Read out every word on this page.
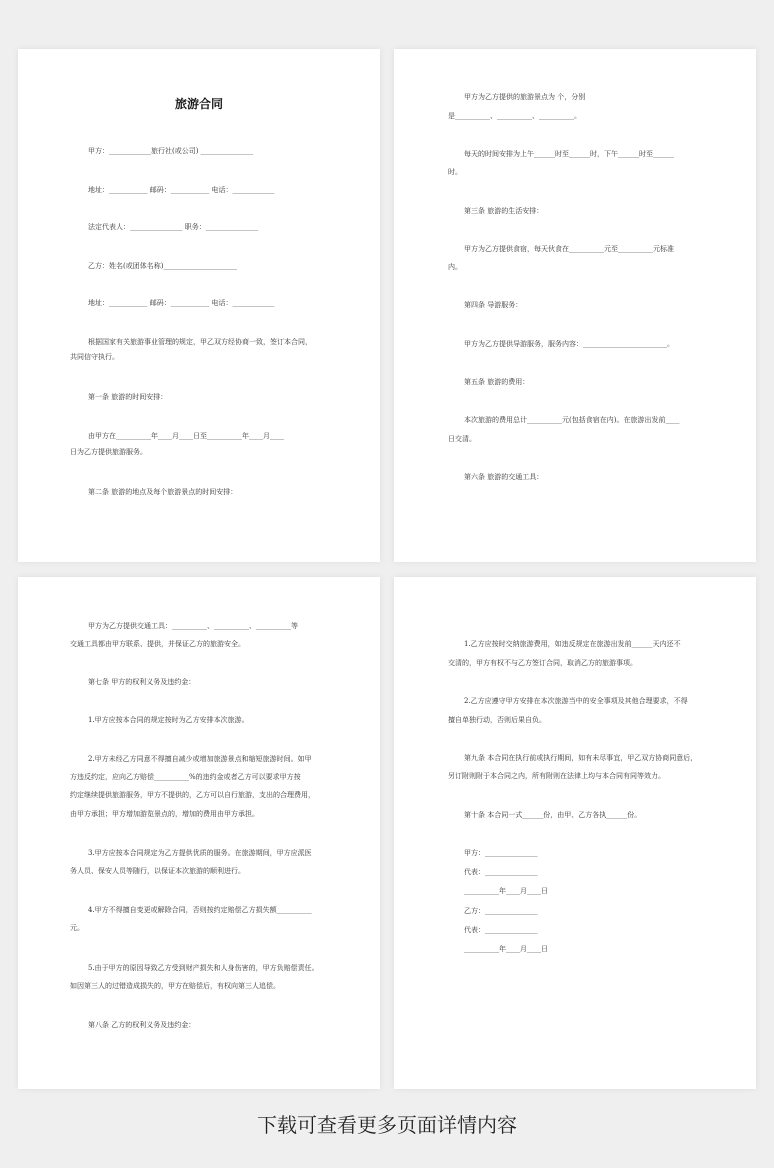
旅游合同

甲方：____________旅行社(或公司) _______________

地址：___________ 邮码：___________ 电话：____________

法定代表人：_______________ 职务：_______________

乙方：姓名(或团体名称)_____________________

地址：___________ 邮码：___________ 电话：____________

根据国家有关旅游事业管理的规定，甲乙双方经协商一致，签订本合同，

共同信守执行。

第一条 旅游的时间安排：

由甲方在__________年____月____日至__________年____月____

日为乙方提供旅游服务。

第二条 旅游的地点及每个旅游景点的时间安排：

甲方为乙方提供的旅游景点为 个，分别

是__________、__________、__________。

每天的时间安排为上午______时至______时，下午______时至______

时。

第三条 旅游的生活安排：

甲方为乙方提供食宿，每天伙食在__________元至__________元标准

内。

第四条 导游服务：

甲方为乙方提供导游服务，服务内容：________________________。

第五条 旅游的费用：

本次旅游的费用总计__________元(包括食宿在内)。在旅游出发前____

日交清。

第六条 旅游的交通工具：

甲方为乙方提供交通工具：__________、__________、__________等

交通工具都由甲方联系、提供，并保证乙方的旅游安全。

第七条 甲方的权利义务及违约金：

1.甲方应按本合同的规定按时为乙方安排本次旅游。

2.甲方未经乙方同意不得擅自减少或增加旅游景点和缩短旅游时间。如甲

方违反约定，应向乙方赔偿__________%的违约金或者乙方可以要求甲方按

约定继续提供旅游服务，甲方不提供的，乙方可以自行旅游，支出的合理费用，

由甲方承担；甲方增加游览景点的，增加的费用由甲方承担。

3.甲方应按本合同规定为乙方提供优质的服务。在旅游期间，甲方应派医

务人员、保安人员等随行，以保证本次旅游的顺利进行。

4.甲方不得擅自变更或解除合同，否则按约定赔偿乙方损失额__________

元。

5.由于甲方的原因导致乙方受到财产损失和人身伤害的，甲方负赔偿责任。

如因第三人的过错造成损失的，甲方在赔偿后，有权向第三人追偿。

第八条 乙方的权利义务及违约金：

1.乙方应按时交纳旅游费用，如违反规定在旅游出发前______天内还不

交清的，甲方有权不与乙方签订合同，取消乙方的旅游事项。

2.乙方应遵守甲方安排在本次旅游当中的安全事项及其他合理要求，不得

擅自单独行动，否则后果自负。

第九条 本合同在执行前或执行期间，如有未尽事宜，甲乙双方协商同意后，

另订附则附于本合同之内，所有附则在法律上均与本合同有同等效力。

第十条 本合同一式______份，由甲、乙方各执______份。

甲方：_______________

代表：_______________

__________年____月____日

乙方：_______________

代表：_______________

__________年____月____日

下载可查看更多页面详情内容
